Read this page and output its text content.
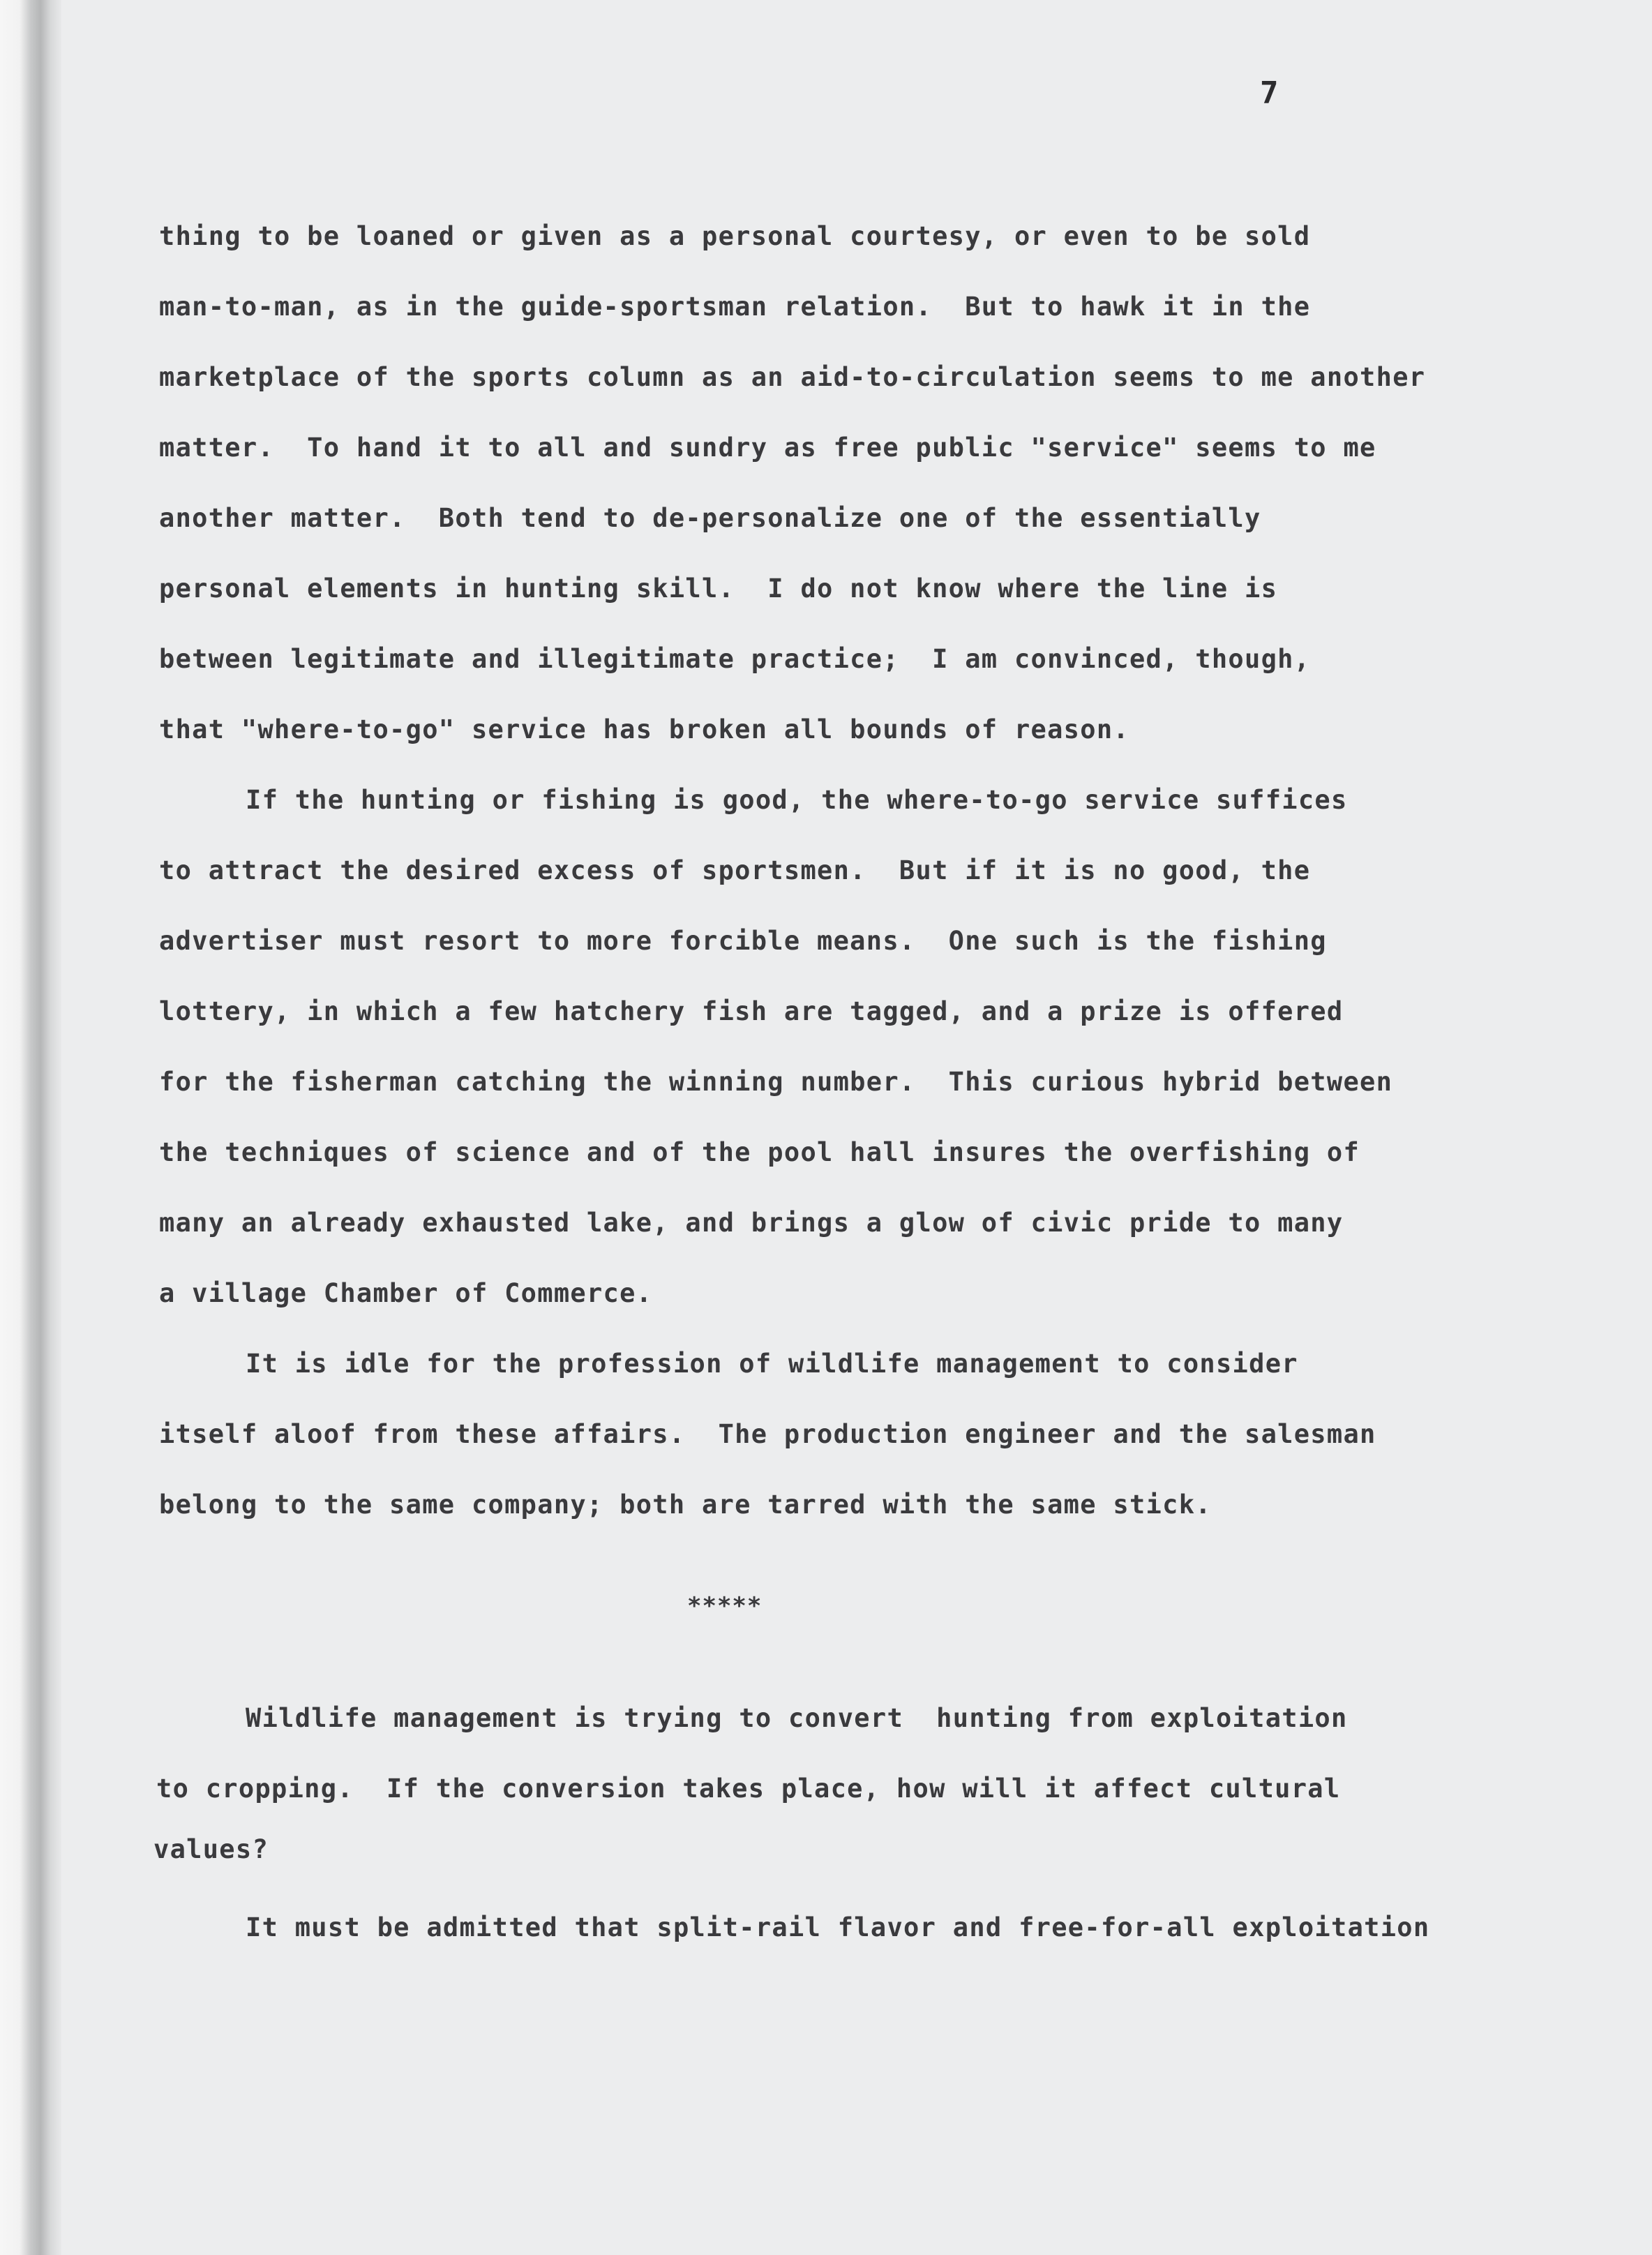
7
thing to be loaned or given as a personal courtesy, or even to be sold
man-to-man, as in the guide-sportsman relation.  But to hawk it in the
marketplace of the sports column as an aid-to-circulation seems to me another
matter.  To hand it to all and sundry as free public "service" seems to me
another matter.  Both tend to de-personalize one of the essentially
personal elements in hunting skill.  I do not know where the line is
between legitimate and illegitimate practice;  I am convinced, though,
that "where-to-go" service has broken all bounds of reason.
If the hunting or fishing is good, the where-to-go service suffices
to attract the desired excess of sportsmen.  But if it is no good, the
advertiser must resort to more forcible means.  One such is the fishing
lottery, in which a few hatchery fish are tagged, and a prize is offered
for the fisherman catching the winning number.  This curious hybrid between
the techniques of science and of the pool hall insures the overfishing of
many an already exhausted lake, and brings a glow of civic pride to many
a village Chamber of Commerce.
It is idle for the profession of wildlife management to consider
itself aloof from these affairs.  The production engineer and the salesman
belong to the same company; both are tarred with the same stick.
*****
Wildlife management is trying to convert  hunting from exploitation
to cropping.  If the conversion takes place, how will it affect cultural
values?
It must be admitted that split-rail flavor and free-for-all exploitation
